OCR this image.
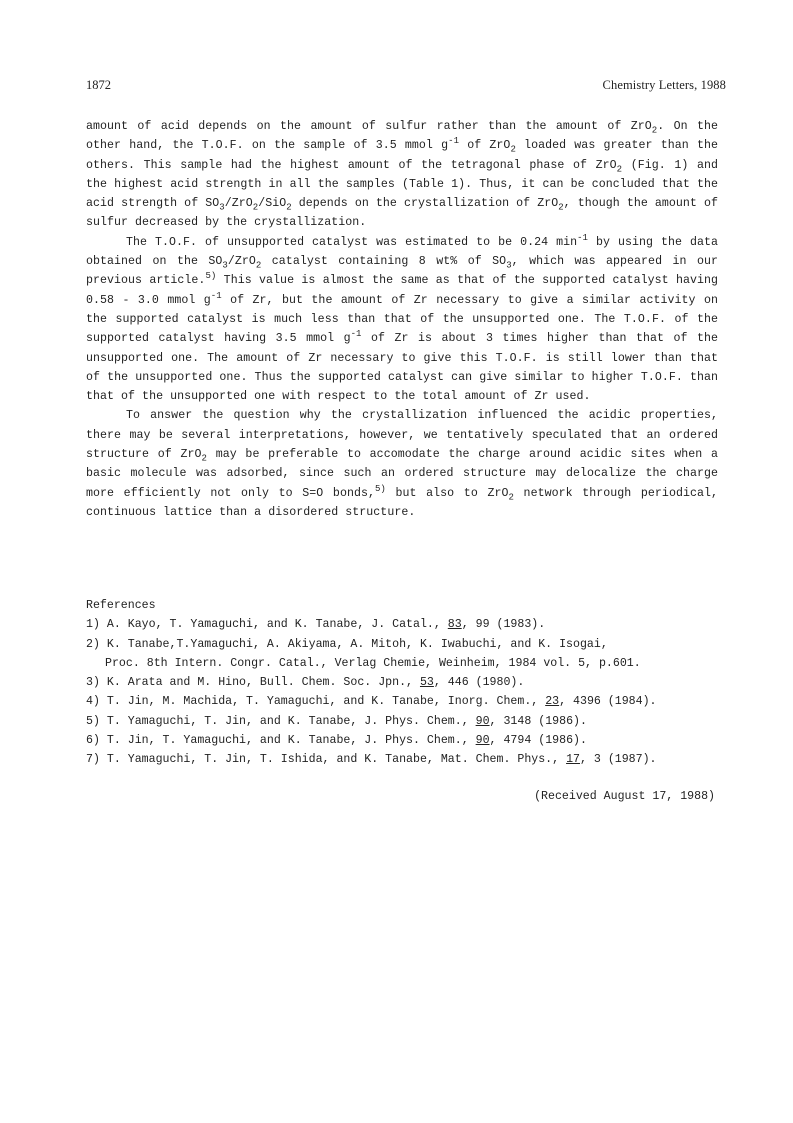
1872	Chemistry Letters, 1988

amount of acid depends on the amount of sulfur rather than the amount of ZrO$_2$. On the other hand, the T.O.F. on the sample of 3.5 mmol $g^{-1}$ of ZrO$_2$ loaded was greater than the others. This sample had the highest amount of the tetragonal phase of ZrO$_2$ (Fig. 1) and the highest acid strength in all the samples (Table 1). Thus, it can be concluded that the acid strength of $SO_3/ZrO_2/SiO_2$ depends on the crystallization of ZrO$_2$, though the amount of sulfur decreased by the crystallization.

The T.O.F. of unsupported catalyst was estimated to be 0.24 $\min^{-1}$ by using the data obtained on the $SO_3/ZrO_2$ catalyst containing 8 wt% of $SO_3$, which was appeared in our previous article.$^{5)}$ This value is almost the same as that of the supported catalyst having 0.58 - 3.0 mmol $g^{-1}$ of Zr, but the amount of Zr necessary to give a similar activity on the supported catalyst is much less than that of the unsupported one. The T.O.F. of the supported catalyst having 3.5 mmol $g^{-1}$ of Zr is about 3 times higher than that of the unsupported one. The amount of Zr necessary to give this T.O.F. is still lower than that of the unsupported one. Thus the supported catalyst can give similar to higher T.O.F. than that of the unsupported one with respect to the total amount of Zr used.

To answer the question why the crystallization influenced the acidic properties, there may be several interpretations, however, we tentatively speculated that an ordered structure of ZrO$_2$ may be preferable to accomodate the charge around acidic sites when a basic molecule was adsorbed, since such an ordered structure may delocalize the charge more efficiently not only to S=O bonds,$^{5)}$ but also to ZrO$_2$ network through periodical, continuous lattice than a disordered structure.

References

1) A. Kayo, T. Yamaguchi, and K. Tanabe, J. Catal., 83, 99 (1983).
2) K. Tanabe,T.Yamaguchi, A. Akiyama, A. Mitoh, K. Iwabuchi, and K. Isogai,
Proc. 8th Intern. Congr. Catal., Verlag Chemie, Weinheim, 1984 vol. 5, p.601.
3) K. Arata and M. Hino, Bull. Chem. Soc. Jpn., 53, 446 (1980).
4) T. Jin, M. Machida, T. Yamaguchi, and K. Tanabe, Inorg. Chem., 23, 4396 (1984).
5) T. Yamaguchi, T. Jin, and K. Tanabe, J. Phys. Chem., 90, 3148 (1986).
6) T. Jin, T. Yamaguchi, and K. Tanabe, J. Phys. Chem., 90, 4794 (1986).
7) T. Yamaguchi, T. Jin, T. Ishida, and K. Tanabe, Mat. Chem. Phys., 17, 3 (1987).
(Received August 17, 1988)
